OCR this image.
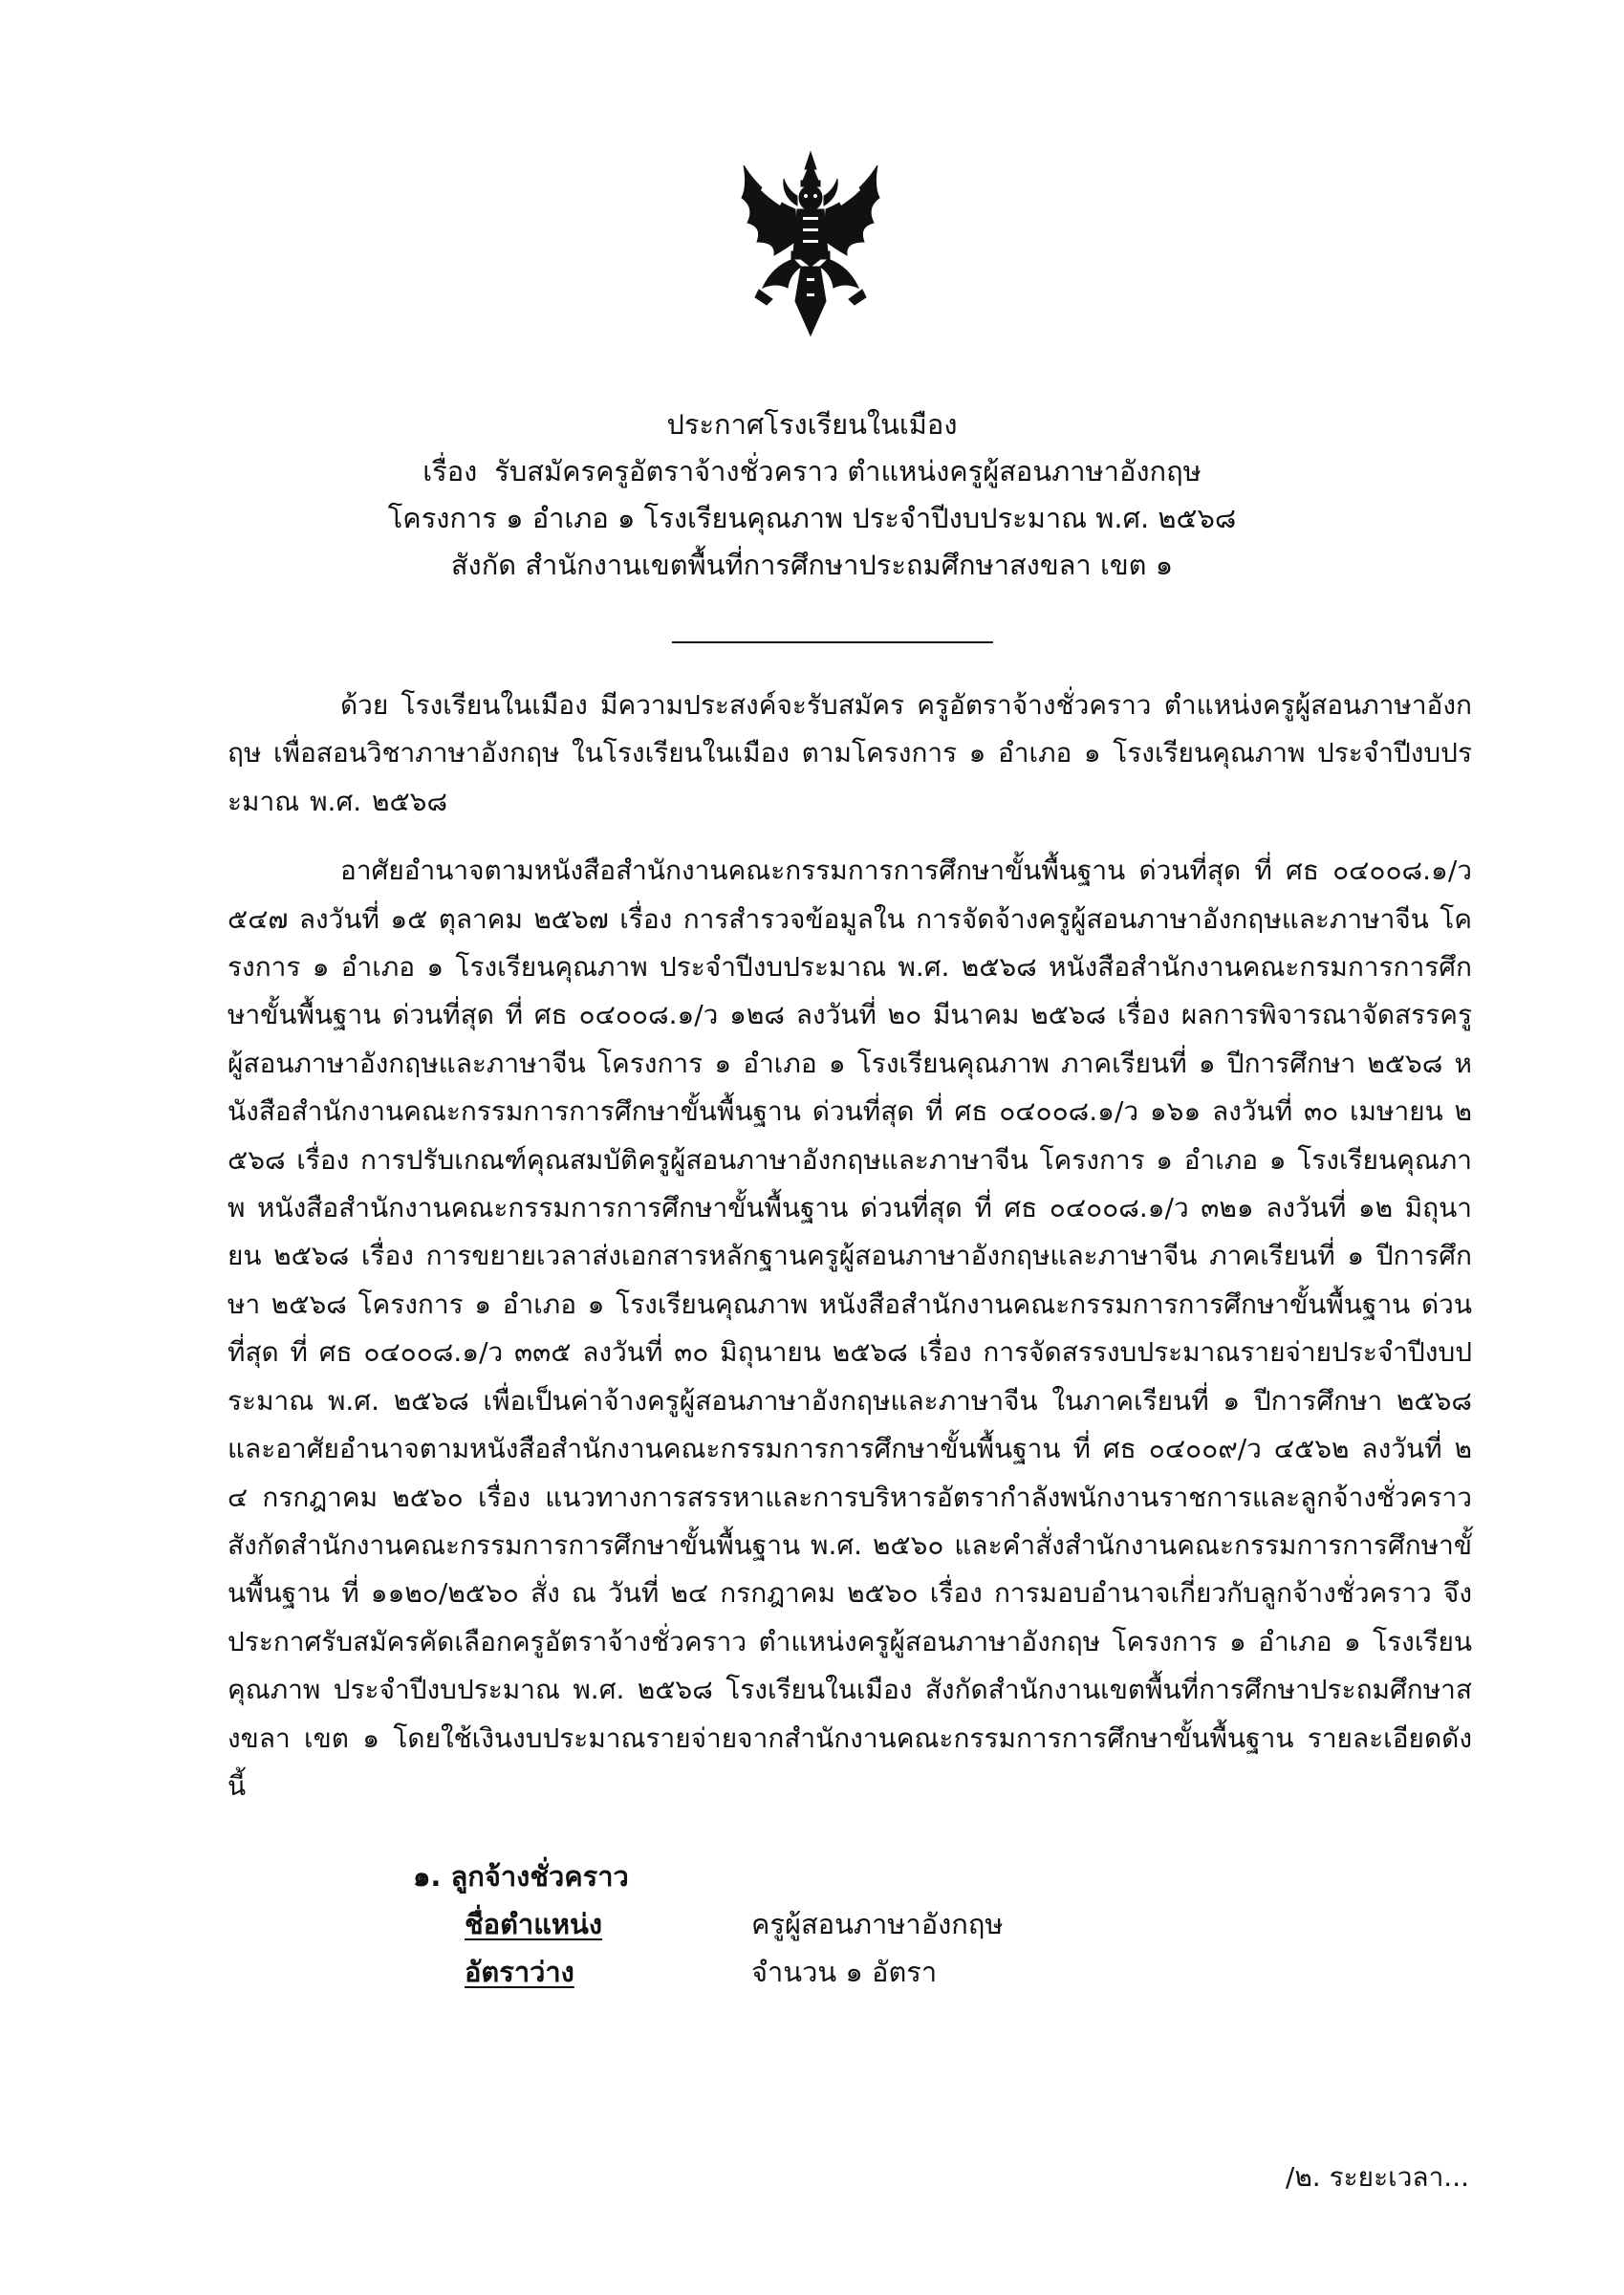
ประกาศโรงเรียนในเมือง
เรื่อง รับสมัครครูอัตราจ้างชั่วคราว ตำแหน่งครูผู้สอนภาษาอังกฤษ
โครงการ ๑ อำเภอ ๑ โรงเรียนคุณภาพ ประจำปีงบประมาณ พ.ศ. ๒๕๖๘
สังกัด สำนักงานเขตพื้นที่การศึกษาประถมศึกษาสงขลา เขต ๑

ด้วย โรงเรียนในเมือง มีความประสงค์จะรับสมัคร ครูอัตราจ้างชั่วคราว ตำแหน่งครูผู้สอนภาษาอังกฤษ เพื่อสอนวิชาภาษาอังกฤษ ในโรงเรียนในเมือง ตามโครงการ ๑ อำเภอ ๑ โรงเรียนคุณภาพ ประจำปีงบประมาณ พ.ศ. ๒๕๖๘

อาศัยอำนาจตามหนังสือสำนักงานคณะกรรมการการศึกษาขั้นพื้นฐาน ด่วนที่สุด ที่ ศธ ๐๔๐๐๘.๑/ว ๕๔๗ ลงวันที่ ๑๕ ตุลาคม ๒๕๖๗ เรื่อง การสำรวจข้อมูลใน การจัดจ้างครูผู้สอนภาษาอังกฤษและภาษาจีน โครงการ ๑ อำเภอ ๑ โรงเรียนคุณภาพ ประจำปีงบประมาณ พ.ศ. ๒๕๖๘ หนังสือสำนักงานคณะกรมการการศึกษาขั้นพื้นฐาน ด่วนที่สุด ที่ ศธ ๐๔๐๐๘.๑/ว ๑๒๘ ลงวันที่ ๒๐ มีนาคม ๒๕๖๘ เรื่อง ผลการพิจารณาจัดสรรครูผู้สอนภาษาอังกฤษและภาษาจีน โครงการ ๑ อำเภอ ๑ โรงเรียนคุณภาพ ภาคเรียนที่ ๑ ปีการศึกษา ๒๕๖๘ หนังสือสำนักงานคณะกรรมการการศึกษาขั้นพื้นฐาน ด่วนที่สุด ที่ ศธ ๐๔๐๐๘.๑/ว ๑๖๑ ลงวันที่ ๓๐ เมษายน ๒๕๖๘ เรื่อง การปรับเกณฑ์คุณสมบัติครูผู้สอนภาษาอังกฤษและภาษาจีน โครงการ ๑ อำเภอ ๑ โรงเรียนคุณภาพ หนังสือสำนักงานคณะกรรมการการศึกษาขั้นพื้นฐาน ด่วนที่สุด ที่ ศธ ๐๔๐๐๘.๑/ว ๓๒๑ ลงวันที่ ๑๒ มิถุนายน ๒๕๖๘ เรื่อง การขยายเวลาส่งเอกสารหลักฐานครูผู้สอนภาษาอังกฤษและภาษาจีน ภาคเรียนที่ ๑ ปีการศึกษา ๒๕๖๘ โครงการ ๑ อำเภอ ๑ โรงเรียนคุณภาพ หนังสือสำนักงานคณะกรรมการการศึกษาขั้นพื้นฐาน ด่วนที่สุด ที่ ศธ ๐๔๐๐๘.๑/ว ๓๓๕ ลงวันที่ ๓๐ มิถุนายน ๒๕๖๘ เรื่อง การจัดสรรงบประมาณรายจ่ายประจำปีงบประมาณ พ.ศ. ๒๕๖๘ เพื่อเป็นค่าจ้างครูผู้สอนภาษาอังกฤษและภาษาจีน ในภาคเรียนที่ ๑ ปีการศึกษา ๒๕๖๘ และอาศัยอำนาจตามหนังสือสำนักงานคณะกรรมการการศึกษาขั้นพื้นฐาน ที่ ศธ ๐๔๐๐๙/ว ๔๕๖๒ ลงวันที่ ๒๔ กรกฎาคม ๒๕๖๐ เรื่อง แนวทางการสรรหาและการบริหารอัตรากำลังพนักงานราชการและลูกจ้างชั่วคราว สังกัดสำนักงานคณะกรรมการการศึกษาขั้นพื้นฐาน พ.ศ. ๒๕๖๐ และคำสั่งสำนักงานคณะกรรมการการศึกษาขั้นพื้นฐาน ที่ ๑๑๒๐/๒๕๖๐ สั่ง ณ วันที่ ๒๔ กรกฎาคม ๒๕๖๐ เรื่อง การมอบอำนาจเกี่ยวกับลูกจ้างชั่วคราว จึงประกาศรับสมัครคัดเลือกครูอัตราจ้างชั่วคราว ตำแหน่งครูผู้สอนภาษาอังกฤษ โครงการ ๑ อำเภอ ๑ โรงเรียนคุณภาพ ประจำปีงบประมาณ พ.ศ. ๒๕๖๘ โรงเรียนในเมือง สังกัดสำนักงานเขตพื้นที่การศึกษาประถมศึกษาสงขลา เขต ๑ โดยใช้เงินงบประมาณรายจ่ายจากสำนักงานคณะกรรมการการศึกษาขั้นพื้นฐาน รายละเอียดดังนี้

๑. ลูกจ้างชั่วคราว
ชื่อตำแหน่ง	ครูผู้สอนภาษาอังกฤษ
อัตราว่าง	จำนวน ๑ อัตรา
/๒. ระยะเวลา...
